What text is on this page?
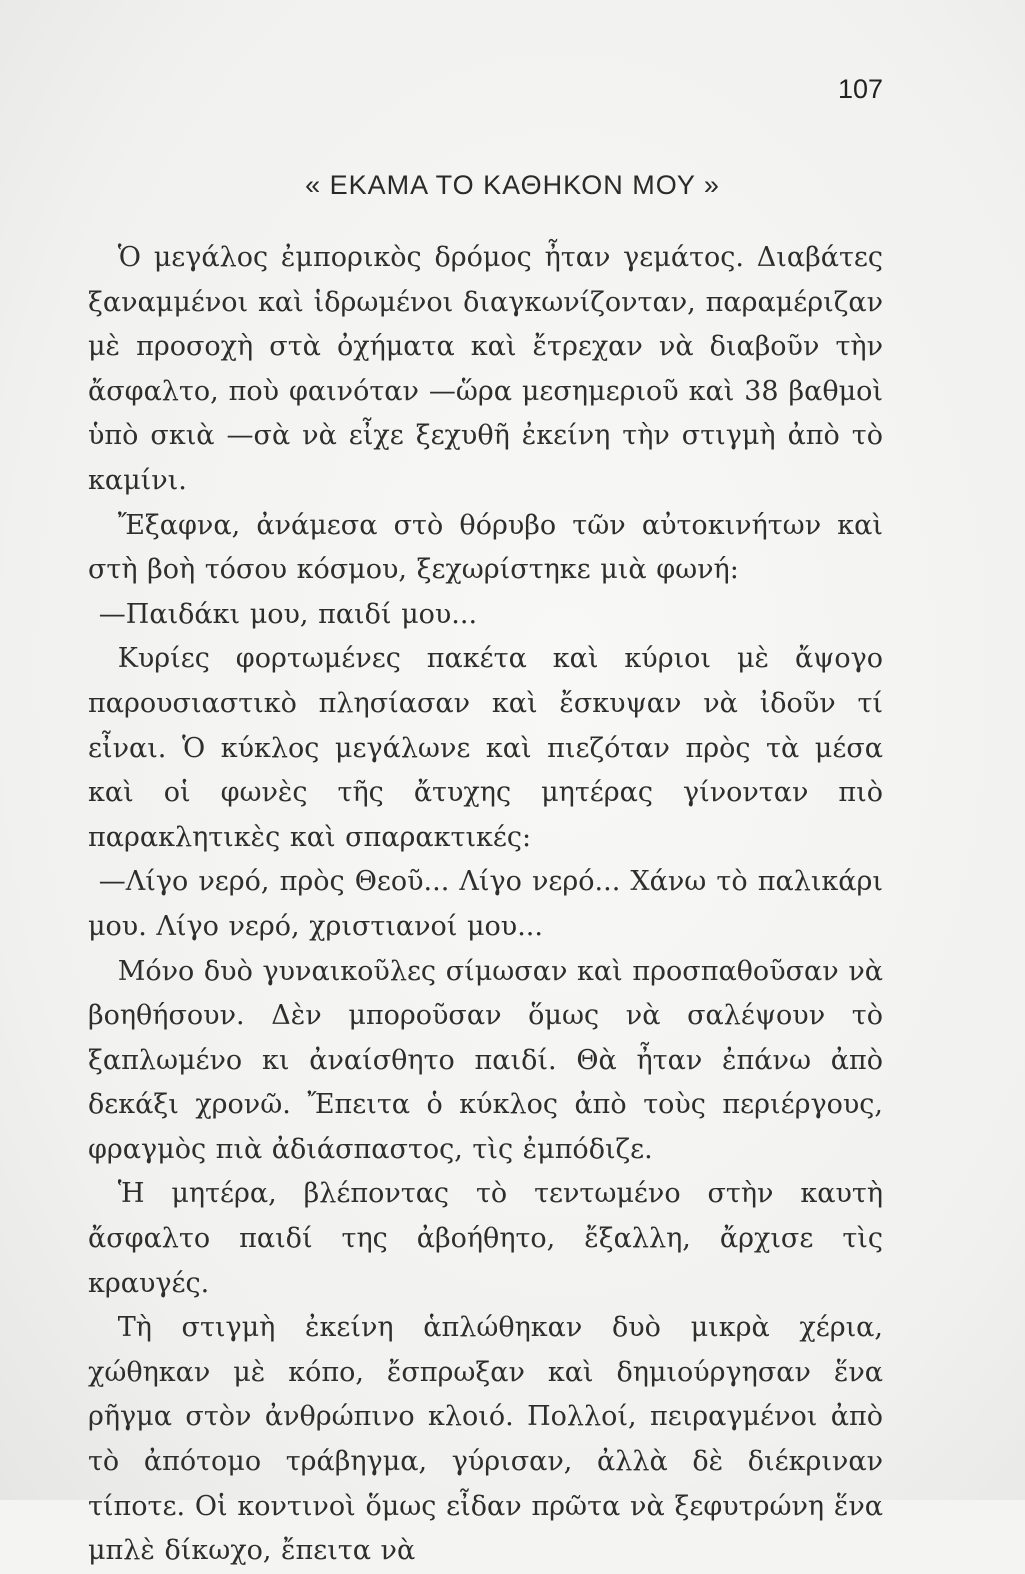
107
« ΕΚΑΜΑ ΤΟ ΚΑΘΗΚΟΝ ΜΟΥ »

Ὁ μεγάλος ἐμπορικὸς δρόμος ἦταν γεμάτος. Διαβάτες ξαναμμένοι καὶ ἱδρωμένοι διαγκωνίζονταν, παραμέριζαν μὲ προσοχὴ στὰ ὀχήματα καὶ ἔτρεχαν νὰ διαβοῦν τὴν ἄσφαλτο, ποὺ φαινόταν —ὥρα μεσημεριοῦ καὶ 38 βαθμοὶ ὑπὸ σκιὰ —σὰ νὰ εἶχε ξεχυθῆ ἐκείνη τὴν στιγμὴ ἀπὸ τὸ καμίνι.

Ἔξαφνα, ἀνάμεσα στὸ θόρυβο τῶν αὐτοκινήτων καὶ στὴ βοὴ τόσου κόσμου, ξεχωρίστηκε μιὰ φωνή:

—Παιδάκι μου, παιδί μου...

Κυρίες φορτωμένες πακέτα καὶ κύριοι μὲ ἄψογο παρουσιαστικὸ πλησίασαν καὶ ἔσκυψαν νὰ ἰδοῦν τί εἶναι. Ὁ κύκλος μεγάλωνε καὶ πιεζόταν πρὸς τὰ μέσα καὶ οἱ φωνὲς τῆς ἄτυχης μητέρας γίνονταν πιὸ παρακλητικὲς καὶ σπαρακτικές:

—Λίγο νερό, πρὸς Θεοῦ... Λίγο νερό... Χάνω τὸ παλικάρι μου. Λίγο νερό, χριστιανοί μου...

Μόνο δυὸ γυναικοῦλες σίμωσαν καὶ προσπαθοῦσαν νὰ βοηθήσουν. Δὲν μποροῦσαν ὅμως νὰ σαλέψουν τὸ ξαπλωμένο κι ἀναίσθητο παιδί. Θὰ ἦταν ἐπάνω ἀπὸ δεκάξι χρονῶ. Ἔπειτα ὁ κύκλος ἀπὸ τοὺς περιέργους, φραγμὸς πιὰ ἀδιάσπαστος, τὶς ἐμπόδιζε.

Ἡ μητέρα, βλέποντας τὸ τεντωμένο στὴν καυτὴ ἄσφαλτο παιδί της ἀβοήθητο, ἔξαλλη, ἄρχισε τὶς κραυγές.

Τὴ στιγμὴ ἐκείνη ἁπλώθηκαν δυὸ μικρὰ χέρια, χώθηκαν μὲ κόπο, ἔσπρωξαν καὶ δημιούργησαν ἕνα ρῆγμα στὸν ἀνθρώπινο κλοιό. Πολλοί, πειραγμένοι ἀπὸ τὸ ἀπότομο τράβηγμα, γύρισαν, ἀλλὰ δὲ διέκριναν τίποτε. Οἱ κοντινοὶ ὅμως εἶδαν πρῶτα νὰ ξεφυτρώνη ἕνα μπλὲ δίκωχο, ἔπειτα νὰ
